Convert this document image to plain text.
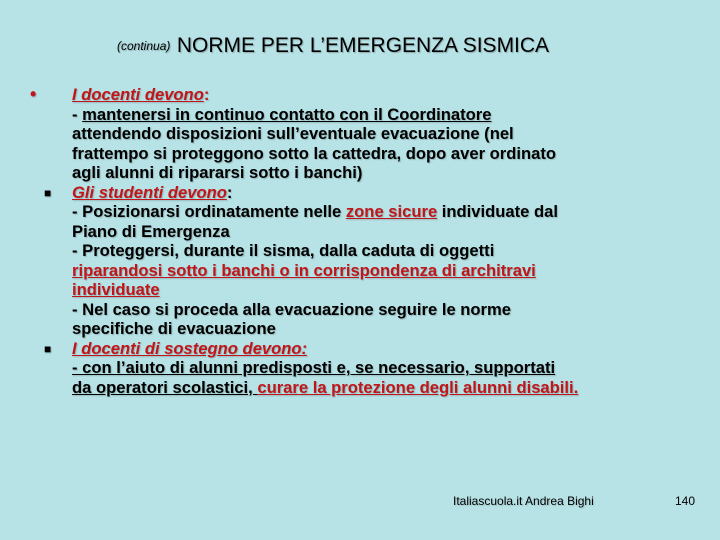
(continua) NORME PER L’EMERGENZA SISMICA
•	I docenti devono:
- mantenersi in continuo contatto con il Coordinatore
attendendo disposizioni sull’eventuale evacuazione (nel
frattempo si proteggono sotto la cattedra, dopo aver ordinato
agli alunni di ripararsi sotto i banchi)
■	Gli studenti devono:
- Posizionarsi ordinatamente nelle zone sicure individuate dal
Piano di Emergenza
- Proteggersi, durante il sisma, dalla caduta di oggetti
riparandosi sotto i banchi o in corrispondenza di architravi
individuate
- Nel caso si proceda alla evacuazione seguire le norme
specifiche di evacuazione
■	I docenti di sostegno devono:
- con l’aiuto di alunni predisposti e, se necessario, supportati
da operatori scolastici, curare la protezione degli alunni disabili.
Italiascuola.it Andrea Bighi	140
